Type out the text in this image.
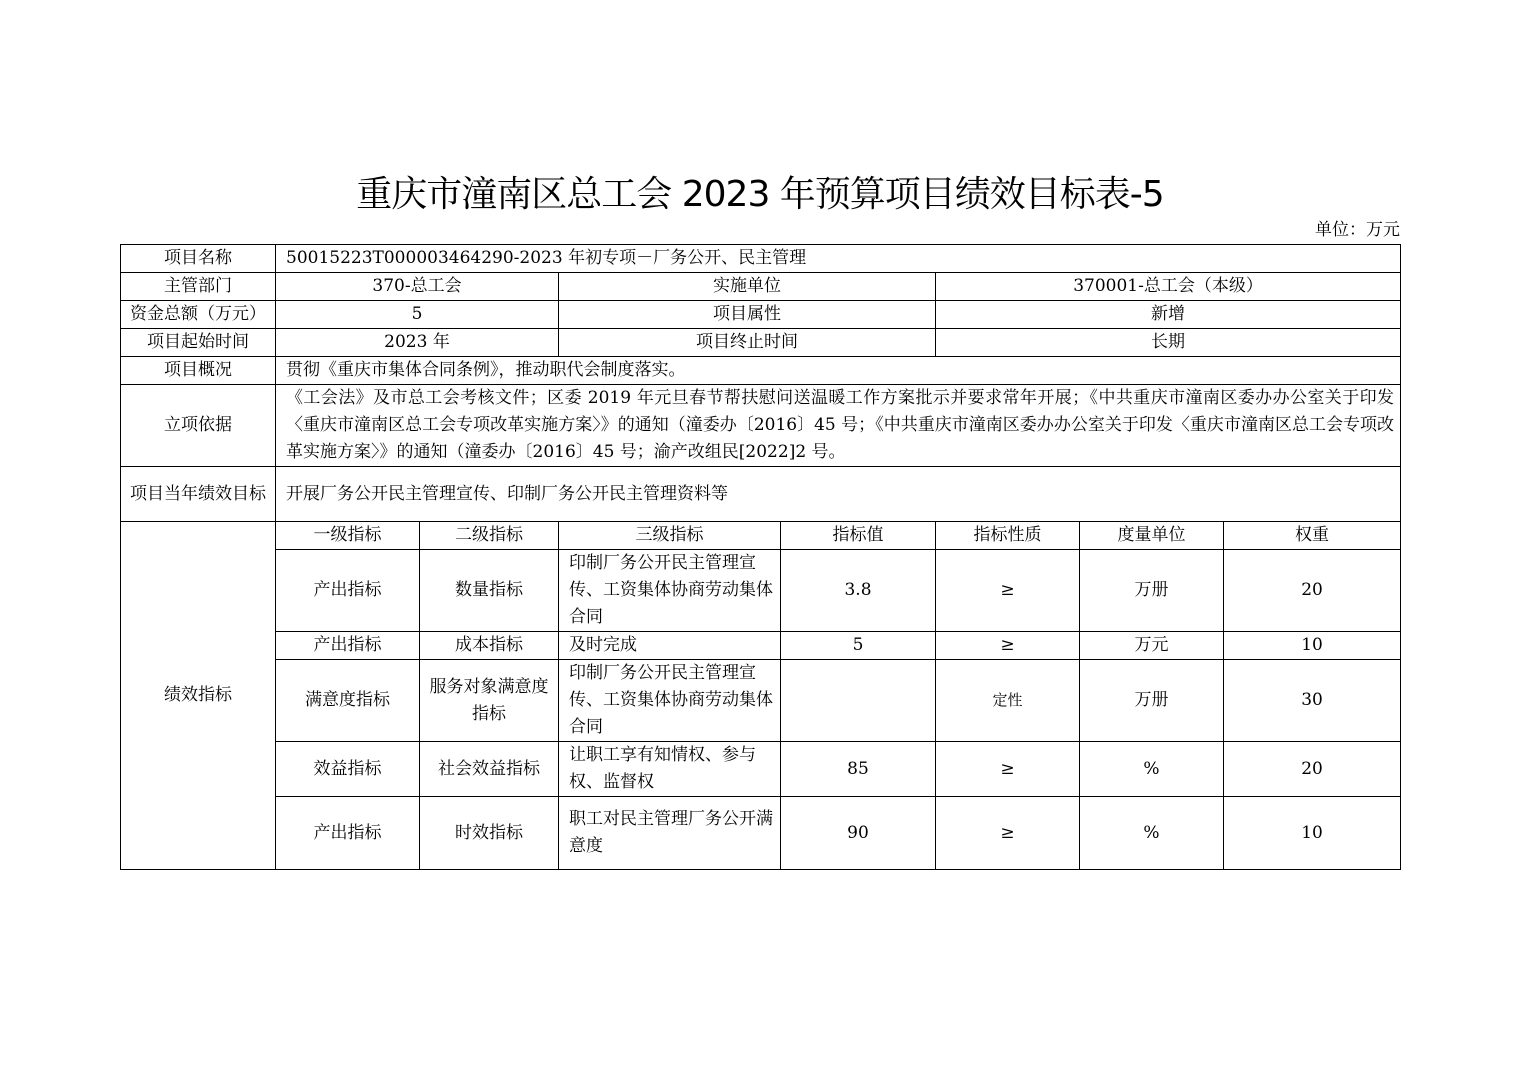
重庆市潼南区总工会 2023 年预算项目绩效目标表-5
单位：万元
项目名称	50015223T000003464290-2023 年初专项－厂务公开、民主管理						
主管部门	370-总工会		实施单位		370001-总工会（本级）		
资金总额（万元）	5		项目属性		新增		
项目起始时间	2023 年		项目终止时间		长期		
项目概况	贯彻《重庆市集体合同条例》，推动职代会制度落实。						
立项依据	《工会法》及市总工会考核文件；区委 2019 年元旦春节帮扶慰问送温暖工作方案批示并要求常年开展；《中共重庆市潼南区委办办公室关于印发〈重庆市潼南区总工会专项改革实施方案〉》的通知（潼委办〔2016〕45 号；《中共重庆市潼南区委办办公室关于印发〈重庆市潼南区总工会专项改革实施方案〉》的通知（潼委办〔2016〕45 号；渝产改组民[2022]2 号。						
项目当年绩效目标	开展厂务公开民主管理宣传、印制厂务公开民主管理资料等						
绩效指标	一级指标	二级指标	三级指标	指标值	指标性质	度量单位	权重
	产出指标	数量指标	印制厂务公开民主管理宣传、工资集体协商劳动集体合同	3.8	≥	万册	20
	产出指标	成本指标	及时完成	5	≥	万元	10
	满意度指标	服务对象满意度指标	印制厂务公开民主管理宣传、工资集体协商劳动集体合同		定性	万册	30
	效益指标	社会效益指标	让职工享有知情权、参与权、监督权	85	≥	%	20
	产出指标	时效指标	职工对民主管理厂务公开满意度	90	≥	%	10
